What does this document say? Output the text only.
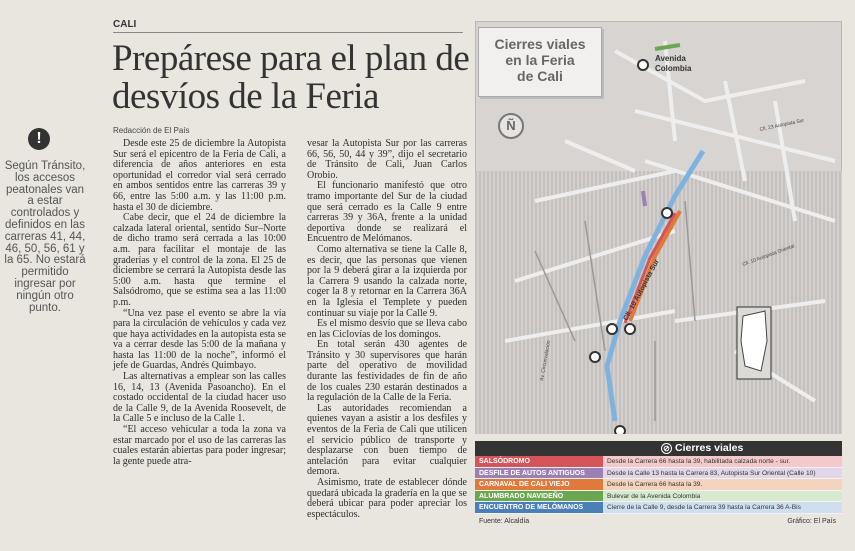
CALI
Prepárese para el plan de desvíos de la Feria
Redacción de El País
!
Según Tránsito, los accesos peatonales van a estar controlados y definidos en las carreras 41, 44, 46, 50, 56, 61 y la 65. No estará permitido ingresar por ningún otro punto.

Desde este 25 de diciembre la Autopista Sur será el epicentro de la Feria de Cali, a diferencia de años anteriores en esta oportunidad el corredor vial será cerrado en ambos sentidos entre las carreras 39 y 66, entre las 5:00 a.m. y las 11:00 p.m. hasta el 30 de diciembre.

Cabe decir, que el 24 de diciembre la calzada lateral oriental, sentido Sur–Norte de dicho tramo será cerrada a las 10:00 a.m. para facilitar el montaje de las graderías y el control de la zona. El 25 de diciembre se cerrará la Autopista desde las 5:00 a.m. hasta que termine el Salsódromo, que se estima sea a las 11:00 p.m.

“Una vez pase el evento se abre la vía para la circulación de vehículos y cada vez que haya actividades en la autopista esta se va a cerrar desde las 5:00 de la mañana y hasta las 11:00 de la noche”, informó el jefe de Guardas, Andrés Quimbayo.

Las alternativas a emplear son las calles 16, 14, 13 (Avenida Pasoancho). En el costado occidental de la ciudad hacer uso de la Calle 9, de la Avenida Roosevelt, de la Calle 5 e incluso de la Calle 1.

“El acceso vehicular a toda la zona va estar marcado por el uso de las carreras las cuales estarán abiertas para poder ingresar; la gente puede atra-

vesar la Autopista Sur por las carreras 66, 56, 50, 44 y 39”, dijo el secretario de Tránsito de Cali, Juan Carlos Orobio.

El funcionario manifestó que otro tramo importante del Sur de la ciudad que será cerrado es la Calle 9 entre carreras 39 y 36A, frente a la unidad deportiva donde se realizará el Encuentro de Melómanos.

Como alternativa se tiene la Calle 8, es decir, que las personas que vienen por la 9 deberá girar a la izquierda por la Carrera 9 usando la calzada norte, coger la 8 y retornar en la Carrera 36A en la Iglesia el Templete y pueden continuar su viaje por la Calle 9.

Es el mismo desvío que se lleva cabo en las Ciclovías de los domingos.

En total serán 430 agentes de Tránsito y 30 supervisores que harán parte del operativo de movilidad durante las festividades de fin de año de los cuales 230 estarán destinados a la regulación de la Calle de la Feria.

Las autoridades recomiendan a quienes vayan a asistir a los desfiles y eventos de la Feria de Cali que utilicen el servicio público de transporte y desplazarse con buen tiempo de antelación para evitar cualquier demora.

Asimismo, trate de establecer dónde quedará ubicada la gradería en la que se deberá ubicar para poder apreciar los espectáculos.

Avenida
Colombia
Cll. 10 Autopista Sur
Cll. 10 Autopista Oriental
Cll. 23 Autopista Sur
Av. Circunvalación
Cierres viales
en la Feria
de Cali
Ñ
⊘ Cierres viales
SALSÓDROMO	Desde la Carrera 66 hasta la 39, habilitada calzada norte - sur.
DESFILE DE AUTOS ANTIGUOS	Desde la Calle 13 hasta la Carrera 83, Autopista Sur Oriental (Calle 10)
CARNAVAL DE CALI VIEJO	Desde la Carrera 66 hasta la 39.
ALUMBRADO NAVIDEÑO	Bulevar de la Avenida Colombia
ENCUENTRO DE MELÓMANOS	Cierre de la Calle 9, desde la Carrera 39 hasta la Carrera 36 A-Bis
Fuente: Alcaldía	Gráfico: El País
